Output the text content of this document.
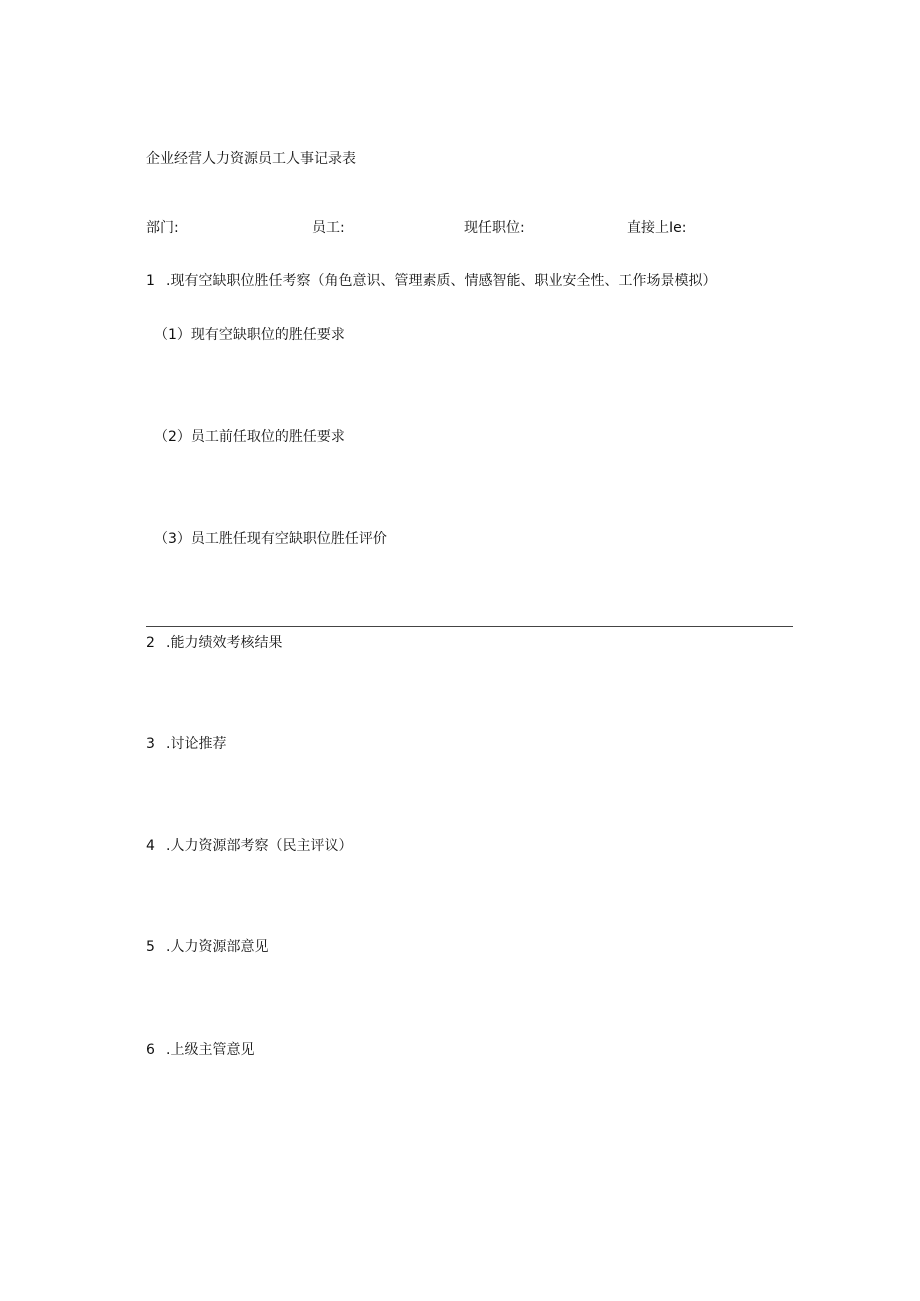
企业经营人力资源员工人事记录表
部门:	员工:	现任职位:	直接上Ie:
1 .现有空缺职位胜任考察（角色意识、管理素质、情感智能、职业安全性、工作场景模拟）
（1）现有空缺职位的胜任要求
（2）员工前任取位的胜任要求
（3）员工胜任现有空缺职位胜任评价
2 .能力绩效考核结果
3 .讨论推荐
4 .人力资源部考察（民主评议）
5 .人力资源部意见
6 .上级主管意见
